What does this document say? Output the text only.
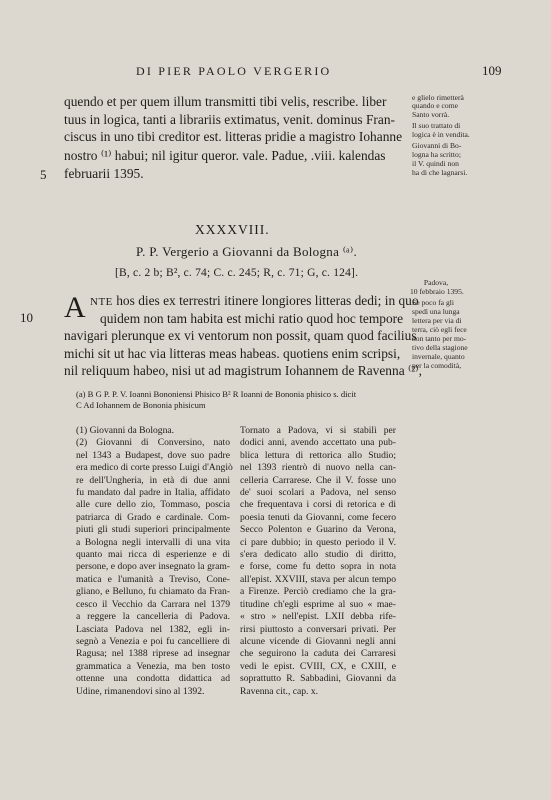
DI PIER PAOLO VERGERIO	109
quendo et per quem illum transmitti tibi velis, rescribe. liber
tuus in logica, tanti a librariis extimatus, venit. dominus Fran-
ciscus in uno tibi creditor est. litteras pridie a magistro Iohanne
nostro ⁽¹⁾ habui; nil igitur queror. vale. Padue, .viii. kalendas
februarii 1395.
5
e glielo rimetterà
quando e come
Santo vorrà.
Il suo trattato di
logica è in vendita.
Giovanni di Bo-
logna ha scritto;
il V. quindi non
ha di che lagnarsi.
XXXXVIII.
P. P. Vergerio a Giovanni da Bologna ⁽ᵃ⁾.
[B, c. 2 b; B², c. 74; C. c. 245; R, c. 71; G, c. 124].
A NTE hos dies ex terrestri itinere longiores litteras dedi; in quo
quidem non tam habita est michi ratio quod hoc tempore
navigari plerunque ex vi ventorum non possit, quam quod facilius
michi sit ut hac via litteras meas habeas. quotiens enim scripsi,
nil reliquum habeo, nisi ut ad magistrum Iohannem de Ravenna ⁽²⁾,
10
Padova,
10 febbraio 1395.
Se poco fa gli
spedì una lunga
lettera per via di
terra, ciò egli fece
non tanto per mo-
tivo della stagione
invernale, quanto
per la comodità,
(a) B G P. P. V. Ioanni Bononiensi Phisico B² R Ioanni de Bononia phisico s. dicit
C Ad Iohannem de Bononia phisicum
(1) Giovanni da Bologna.
(2) Giovanni di Conversino, nato
nel 1343 a Budapest, dove suo padre
era medico di corte presso Luigi d'Angiò
re dell'Ungheria, in età di due anni
fu mandato dal padre in Italia, affidato
alle cure dello zio, Tommaso, poscia
patriarca di Grado e cardinale. Com-
piuti gli studi superiori principalmente
a Bologna negli intervalli di una vita
quanto mai ricca di esperienze e di
persone, e dopo aver insegnato la gram-
matica e l'umanità a Treviso, Cone-
gliano, e Belluno, fu chiamato da Fran-
cesco il Vecchio da Carrara nel 1379
a reggere la cancelleria di Padova.
Lasciata Padova nel 1382, egli in-
segnò a Venezia e poi fu cancelliere di
Ragusa; nel 1388 riprese ad insegnar
grammatica a Venezia, ma ben tosto
ottenne una condotta didattica ad
Udine, rimanendovi sino al 1392.
Tornato a Padova, vi si stabilì per
dodici anni, avendo accettato una pub-
blica lettura di rettorica allo Studio;
nel 1393 rientrò di nuovo nella can-
celleria Carrarese. Che il V. fosse uno
de' suoi scolari a Padova, nel senso
che frequentava i corsi di retorica e di
poesia tenuti da Giovanni, come fecero
Secco Polenton e Guarino da Verona,
ci pare dubbio; in questo periodo il V.
s'era dedicato allo studio di diritto,
e forse, come fu detto sopra in nota
all'epist. XXVIII, stava per alcun tempo
a Firenze. Perciò crediamo che la gra-
titudine ch'egli esprime al suo « mae-
« stro » nell'epist. LXII debba rife-
rirsi piuttosto a conversari privati. Per
alcune vicende di Giovanni negli anni
che seguirono la caduta dei Carraresi
vedi le epist. CVIII, CX, e CXIII, e
soprattutto R. Sabbadini, Giovanni da
Ravenna cit., cap. x.
